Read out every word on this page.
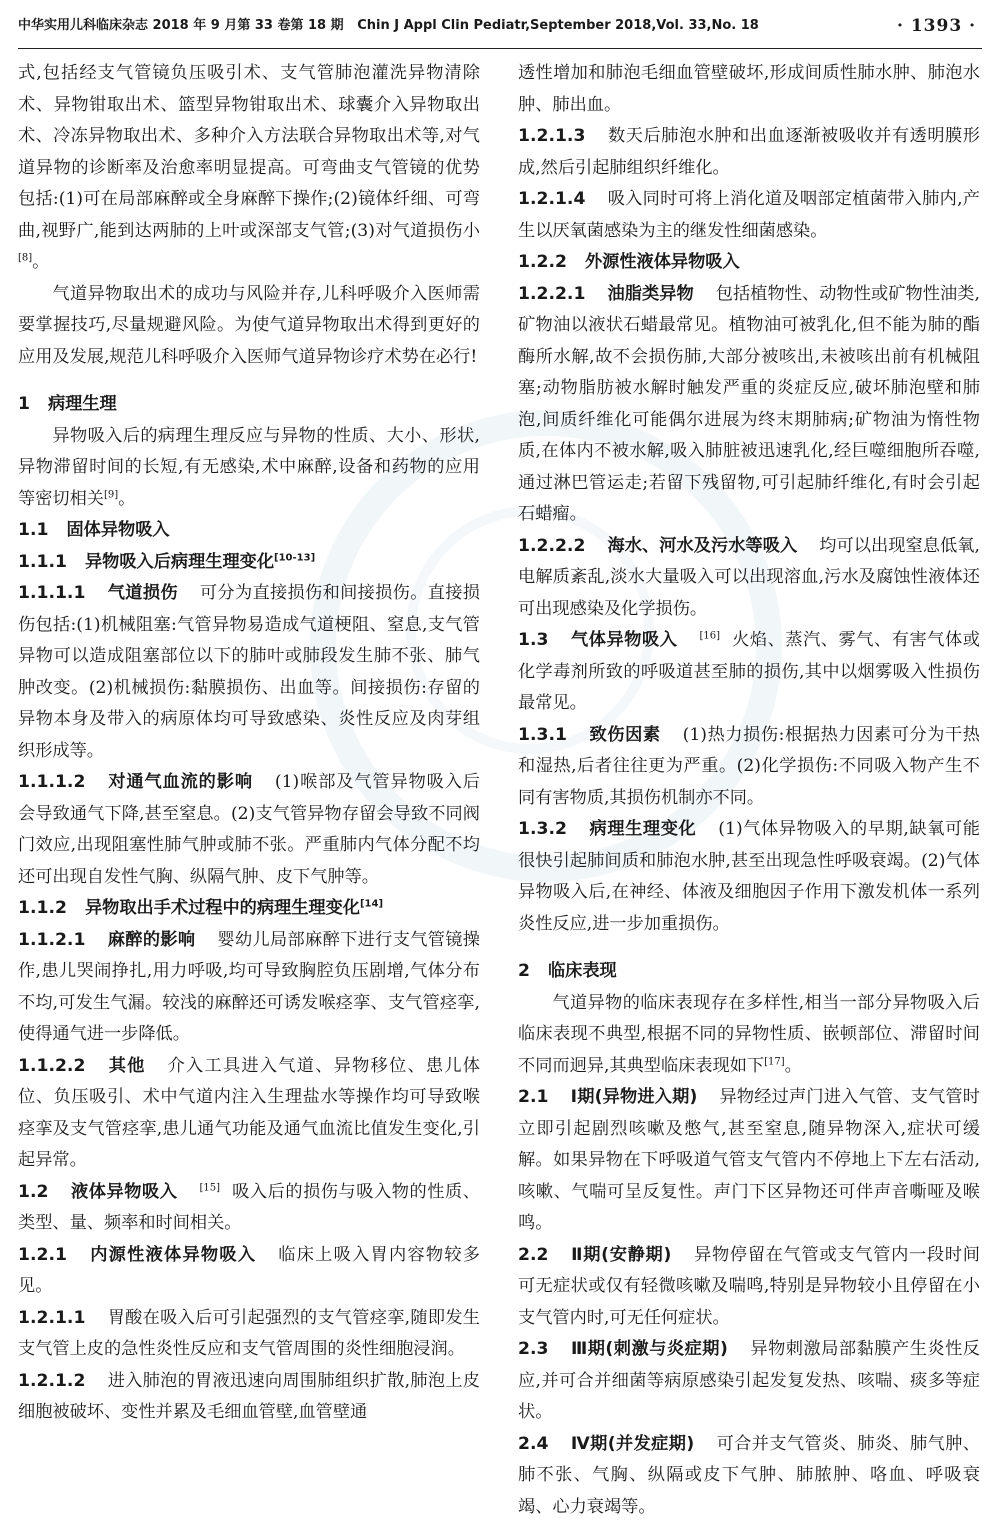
中华实用儿科临床杂志 2018 年 9 月第 33 卷第 18 期 Chin J Appl Clin Pediatr,September 2018,Vol. 33,No. 18	· 1393 ·

式,包括经支气管镜负压吸引术、支气管肺泡灌洗异物清除术、异物钳取出术、篮型异物钳取出术、球囊介入异物取出术、冷冻异物取出术、多种介入方法联合异物取出术等,对气道异物的诊断率及治愈率明显提高。可弯曲支气管镜的优势包括:(1)可在局部麻醉或全身麻醉下操作;(2)镜体纤细、可弯曲,视野广,能到达两肺的上叶或深部支气管;(3)对气道损伤小[8]。

气道异物取出术的成功与风险并存,儿科呼吸介入医师需要掌握技巧,尽量规避风险。为使气道异物取出术得到更好的应用及发展,规范儿科呼吸介入医师气道异物诊疗术势在必行!

1 病理生理

异物吸入后的病理生理反应与异物的性质、大小、形状,异物滞留时间的长短,有无感染,术中麻醉,设备和药物的应用等密切相关[9]。

1.1 固体异物吸入

1.1.1 异物吸入后病理生理变化[10-13]

1.1.1.1 气道损伤 可分为直接损伤和间接损伤。直接损伤包括:(1)机械阻塞:气管异物易造成气道梗阻、窒息,支气管异物可以造成阻塞部位以下的肺叶或肺段发生肺不张、肺气肿改变。(2)机械损伤:黏膜损伤、出血等。间接损伤:存留的异物本身及带入的病原体均可导致感染、炎性反应及肉芽组织形成等。

1.1.1.2 对通气血流的影响 (1)喉部及气管异物吸入后会导致通气下降,甚至窒息。(2)支气管异物存留会导致不同阀门效应,出现阻塞性肺气肿或肺不张。严重肺内气体分配不均还可出现自发性气胸、纵隔气肿、皮下气肿等。

1.1.2 异物取出手术过程中的病理生理变化[14]

1.1.2.1 麻醉的影响 婴幼儿局部麻醉下进行支气管镜操作,患儿哭闹挣扎,用力呼吸,均可导致胸腔负压剧增,气体分布不均,可发生气漏。较浅的麻醉还可诱发喉痉挛、支气管痉挛,使得通气进一步降低。

1.1.2.2 其他 介入工具进入气道、异物移位、患儿体位、负压吸引、术中气道内注入生理盐水等操作均可导致喉痉挛及支气管痉挛,患儿通气功能及通气血流比值发生变化,引起异常。

1.2 液体异物吸入 [15] 吸入后的损伤与吸入物的性质、类型、量、频率和时间相关。

1.2.1 内源性液体异物吸入 临床上吸入胃内容物较多见。

1.2.1.1 胃酸在吸入后可引起强烈的支气管痉挛,随即发生支气管上皮的急性炎性反应和支气管周围的炎性细胞浸润。

1.2.1.2 进入肺泡的胃液迅速向周围肺组织扩散,肺泡上皮细胞被破坏、变性并累及毛细血管壁,血管壁通

透性增加和肺泡毛细血管壁破坏,形成间质性肺水肿、肺泡水肿、肺出血。

1.2.1.3 数天后肺泡水肿和出血逐渐被吸收并有透明膜形成,然后引起肺组织纤维化。

1.2.1.4 吸入同时可将上消化道及咽部定植菌带入肺内,产生以厌氧菌感染为主的继发性细菌感染。

1.2.2 外源性液体异物吸入

1.2.2.1 油脂类异物 包括植物性、动物性或矿物性油类,矿物油以液状石蜡最常见。植物油可被乳化,但不能为肺的酯酶所水解,故不会损伤肺,大部分被咳出,未被咳出前有机械阻塞;动物脂肪被水解时触发严重的炎症反应,破坏肺泡壁和肺泡,间质纤维化可能偶尔进展为终末期肺病;矿物油为惰性物质,在体内不被水解,吸入肺脏被迅速乳化,经巨噬细胞所吞噬,通过淋巴管运走;若留下残留物,可引起肺纤维化,有时会引起石蜡瘤。

1.2.2.2 海水、河水及污水等吸入 均可以出现窒息低氧,电解质紊乱,淡水大量吸入可以出现溶血,污水及腐蚀性液体还可出现感染及化学损伤。

1.3 气体异物吸入 [16] 火焰、蒸汽、雾气、有害气体或化学毒剂所致的呼吸道甚至肺的损伤,其中以烟雾吸入性损伤最常见。

1.3.1 致伤因素 (1)热力损伤:根据热力因素可分为干热和湿热,后者往往更为严重。(2)化学损伤:不同吸入物产生不同有害物质,其损伤机制亦不同。

1.3.2 病理生理变化 (1)气体异物吸入的早期,缺氧可能很快引起肺间质和肺泡水肿,甚至出现急性呼吸衰竭。(2)气体异物吸入后,在神经、体液及细胞因子作用下激发机体一系列炎性反应,进一步加重损伤。

2 临床表现

气道异物的临床表现存在多样性,相当一部分异物吸入后临床表现不典型,根据不同的异物性质、嵌顿部位、滞留时间不同而迥异,其典型临床表现如下[17]。

2.1 Ⅰ期(异物进入期) 异物经过声门进入气管、支气管时立即引起剧烈咳嗽及憋气,甚至窒息,随异物深入,症状可缓解。如果异物在下呼吸道气管支气管内不停地上下左右活动,咳嗽、气喘可呈反复性。声门下区异物还可伴声音嘶哑及喉鸣。

2.2 Ⅱ期(安静期) 异物停留在气管或支气管内一段时间可无症状或仅有轻微咳嗽及喘鸣,特别是异物较小且停留在小支气管内时,可无任何症状。

2.3 Ⅲ期(刺激与炎症期) 异物刺激局部黏膜产生炎性反应,并可合并细菌等病原感染引起发复发热、咳喘、痰多等症状。

2.4 Ⅳ期(并发症期) 可合并支气管炎、肺炎、肺气肿、肺不张、气胸、纵隔或皮下气肿、肺脓肿、咯血、呼吸衰竭、心力衰竭等。
